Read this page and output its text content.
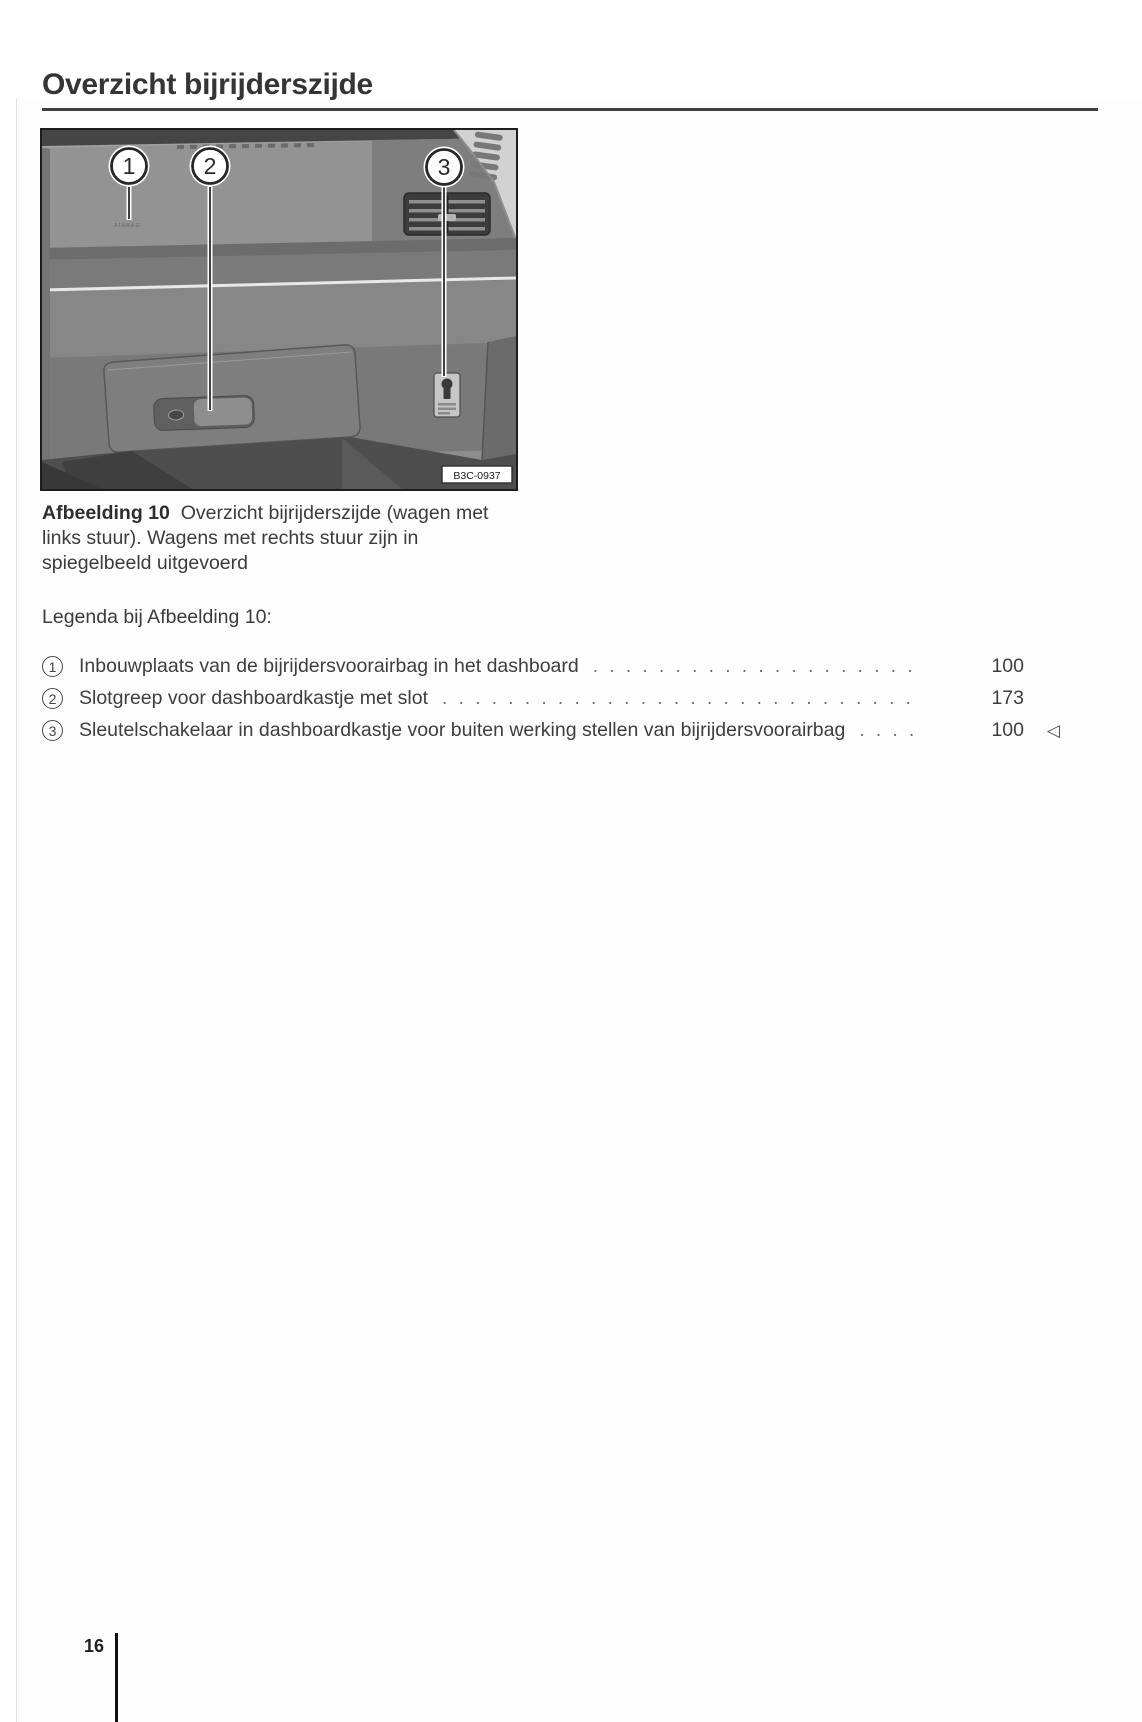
Overzicht bijrijderszijde
AIRBAG
1	2	3
B3C-0937

Afbeelding 10 Overzicht bijrijderszijde (wagen met links stuur). Wagens met rechts stuur zijn in spiegelbeeld uitgevoerd

Legenda bij Afbeelding 10:

1	Inbouwplaats van de bijrijdersvoorairbag in het dashboard . . .	100
2	Slotgreep voor dashboardkastje met slot . . .	173
3	Sleutelschakelaar in dashboardkastje voor buiten werking stellen van bijrijdersvoorairbag . . .	100	◁
16
